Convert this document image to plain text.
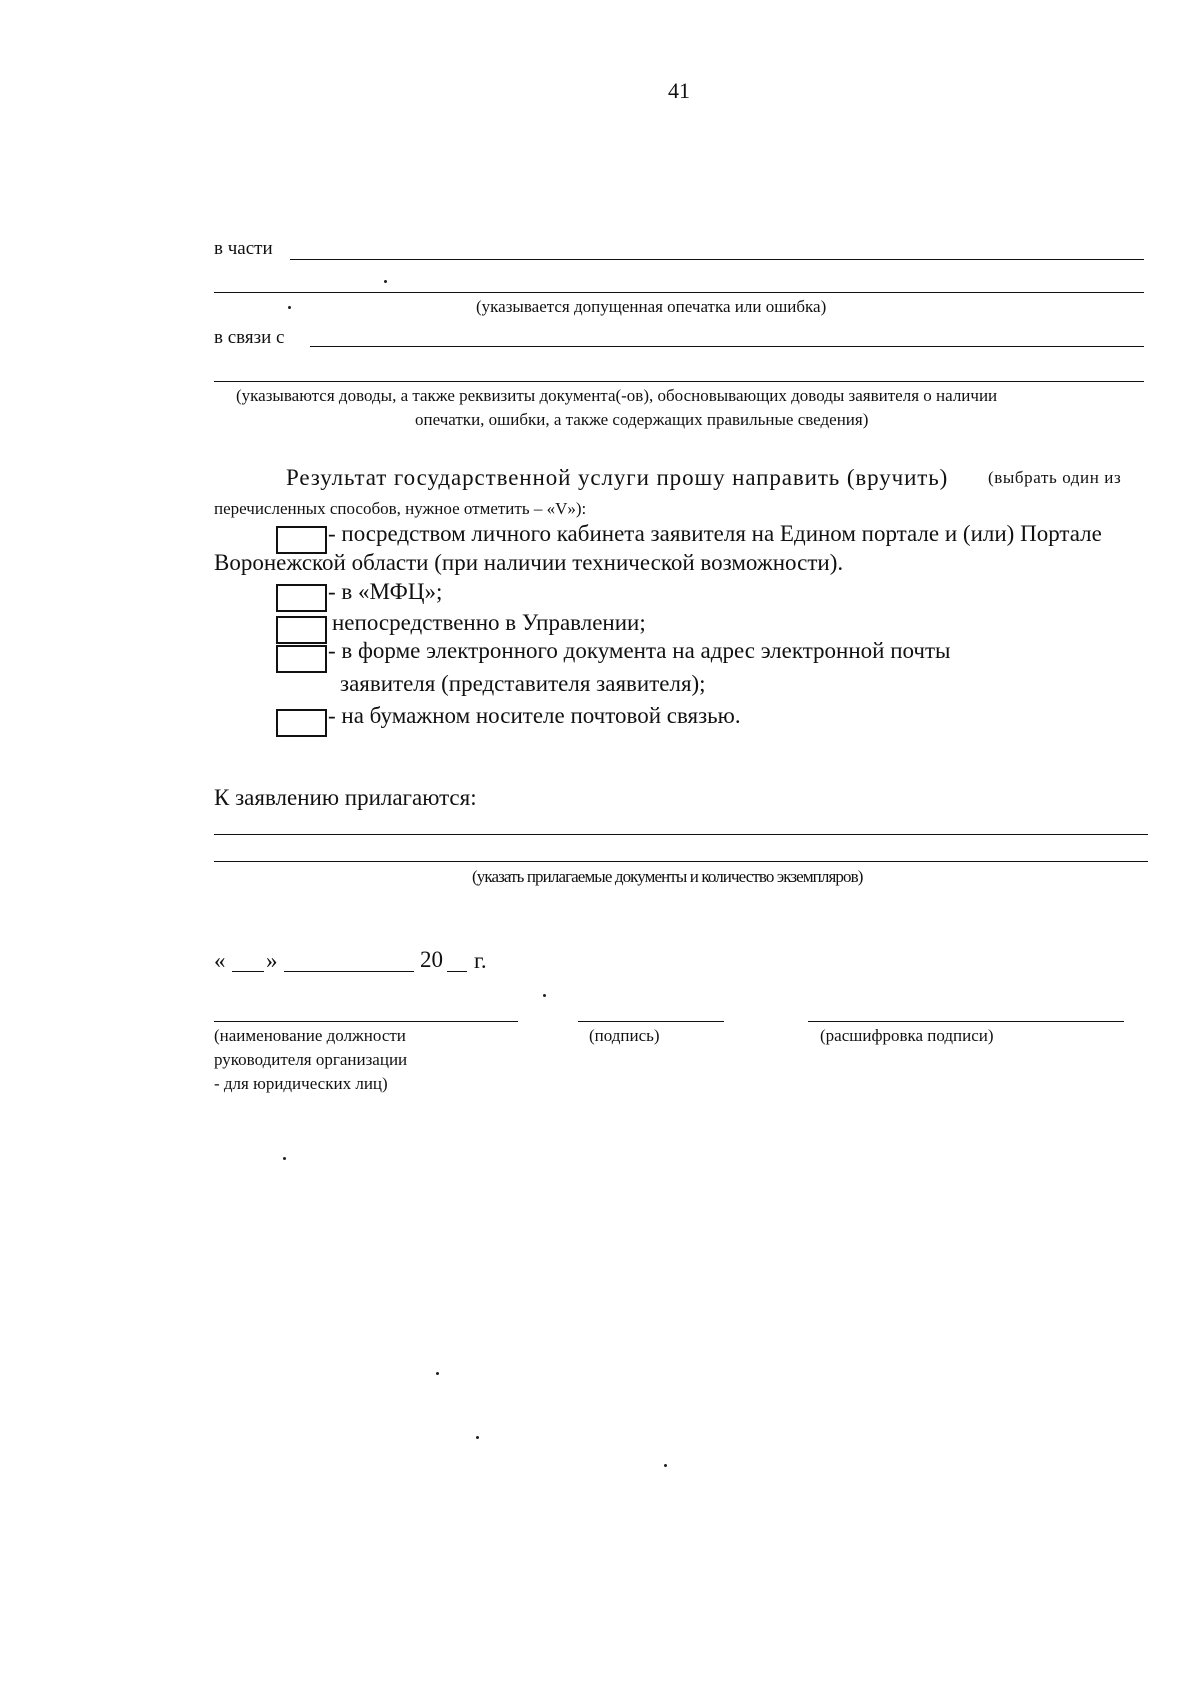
41
в части
(указывается допущенная опечатка или ошибка)
в связи с
(указываются доводы, а также реквизиты документа(-ов), обосновывающих доводы заявителя о наличии
опечатки, ошибки, а также содержащих правильные сведения)
Результат государственной услуги прошу направить (вручить) (выбрать один из
перечисленных способов, нужное отметить – «V»):
- посредством личного кабинета заявителя на Едином портале и (или) Портале
Воронежской области (при наличии технической возможности).
- в «МФЦ»;
непосредственно в Управлении;
- в форме электронного документа на адрес электронной почты
заявителя (представителя заявителя);
- на бумажном носителе почтовой связью.
К заявлению прилагаются:
(указать прилагаемые документы и количество экземпляров)
« »	20 г.
(наименование должности
руководителя организации
- для юридических лиц)
(подпись)	(расшифровка подписи)
